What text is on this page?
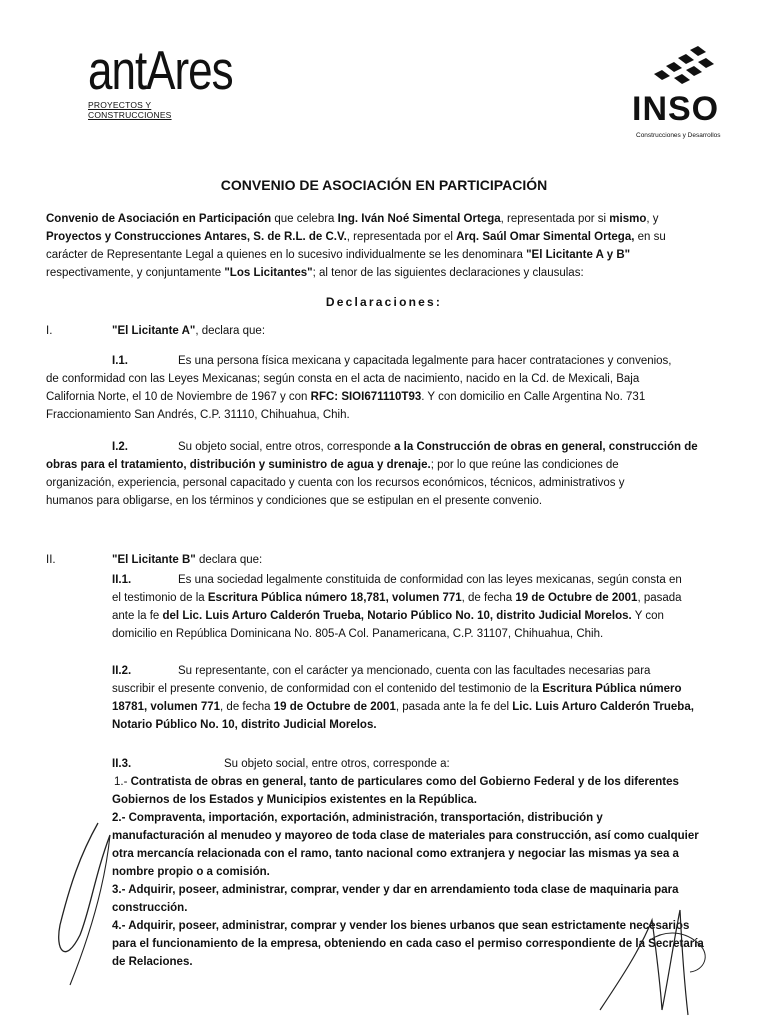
antAres
PROYECTOS Y CONSTRUCCIONES	INSO
Construcciones y Desarrollos
CONVENIO DE ASOCIACIÓN EN PARTICIPACIÓN
Convenio de Asociación en Participación que celebra Ing. Iván Noé Simental Ortega, representada por si mismo, y
Proyectos y Construcciones Antares, S. de R.L. de C.V., representada por el Arq. Saúl Omar Simental Ortega, en su
carácter de Representante Legal a quienes en lo sucesivo individualmente se les denominara "El Licitante A y B"
respectivamente, y conjuntamente "Los Licitantes"; al tenor de las siguientes declaraciones y clausulas:
Declaraciones:
I.	"El Licitante A", declara que:
I.1.	Es una persona física mexicana y capacitada legalmente para hacer contrataciones y convenios,
de conformidad con las Leyes Mexicanas; según consta en el acta de nacimiento, nacido en la Cd. de Mexicali, Baja
California Norte, el 10 de Noviembre de 1967 y con RFC: SIOI671110T93. Y con domicilio en Calle Argentina No. 731
Fraccionamiento San Andrés, C.P. 31110, Chihuahua, Chih.
I.2.	Su objeto social, entre otros, corresponde a la Construcción de obras en general, construcción de
obras para el tratamiento, distribución y suministro de agua y drenaje.; por lo que reúne las condiciones de
organización, experiencia, personal capacitado y cuenta con los recursos económicos, técnicos, administrativos y
humanos para obligarse, en los términos y condiciones que se estipulan en el presente convenio.
II.	"El Licitante B" declara que:
II.1.	Es una sociedad legalmente constituida de conformidad con las leyes mexicanas, según consta en
el testimonio de la Escritura Pública número 18,781, volumen 771, de fecha 19 de Octubre de 2001, pasada
ante la fe del Lic. Luis Arturo Calderón Trueba, Notario Público No. 10, distrito Judicial Morelos. Y con
domicilio en República Dominicana No. 805-A Col. Panamericana, C.P. 31107, Chihuahua, Chih.
II.2.	Su representante, con el carácter ya mencionado, cuenta con las facultades necesarias para
suscribir el presente convenio, de conformidad con el contenido del testimonio de la Escritura Pública número
18781, volumen 771, de fecha 19 de Octubre de 2001, pasada ante la fe del Lic. Luis Arturo Calderón Trueba,
Notario Público No. 10, distrito Judicial Morelos.
II.3.	Su objeto social, entre otros, corresponde a:
1.- Contratista de obras en general, tanto de particulares como del Gobierno Federal y de los diferentes
Gobiernos de los Estados y Municipios existentes en la República.
2.- Compraventa, importación, exportación, administración, transportación, distribución y
manufacturación al menudeo y mayoreo de toda clase de materiales para construcción, así como cualquier
otra mercancía relacionada con el ramo, tanto nacional como extranjera y negociar las mismas ya sea a
nombre propio o a comisión.
3.- Adquirir, poseer, administrar, comprar, vender y dar en arrendamiento toda clase de maquinaria para
construcción.
4.- Adquirir, poseer, administrar, comprar y vender los bienes urbanos que sean estrictamente necesarios
para el funcionamiento de la empresa, obteniendo en cada caso el permiso correspondiente de la Secretaría
de Relaciones.
